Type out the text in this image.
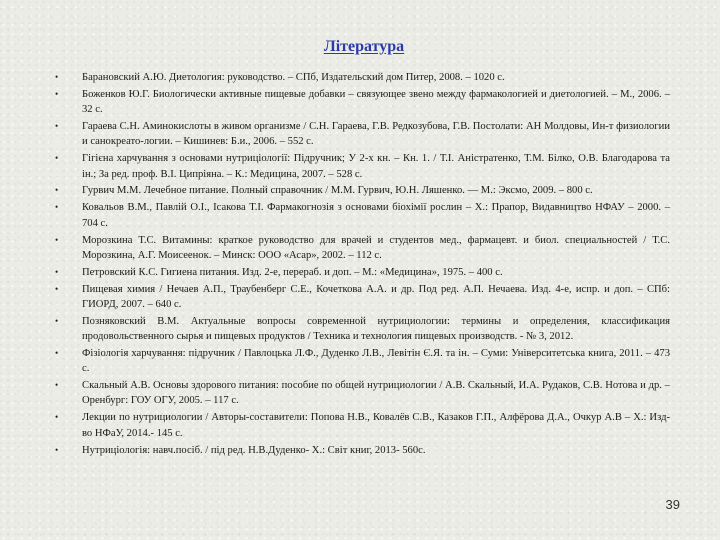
Література
• Барановский А.Ю. Диетология: руководство. – СПб, Издательский дом Питер, 2008. – 1020 с.
• Боженков Ю.Г. Биологически активные пищевые добавки – связующее звено между фармакологией и диетологией. – М., 2006. – 32 с.
• Гараева С.Н. Аминокислоты в живом организме / С.Н. Гараева, Г.В. Редкозубова, Г.В. Постолати: АН Молдовы, Ин-т физиологии и санокреато-логии. – Кишинев: Б.и., 2006. – 552 с.
• Гігієна харчування з основами нутриціології: Підручник; У 2-х кн. – Кн. 1. / Т.І. Аністратенко, Т.М. Білко, О.В. Благодарова та ін.; За ред. проф. В.І. Ципріяна. – К.: Медицина, 2007. – 528 с.
• Гурвич М.М. Лечебное питание. Полный справочник / М.М. Гурвич, Ю.Н. Ляшенко. — М.: Эксмо, 2009. – 800 с.
• Ковальов В.М., Павлій О.І., Ісакова Т.І. Фармакогнозія з основами біохімії рослин – Х.: Прапор, Видавництво НФАУ – 2000. – 704 с.
• Морозкина Т.С. Витамины: краткое руководство для врачей и студентов мед., фармацевт. и биол. специальностей / Т.С. Морозкина, А.Г. Моисеенок. – Минск: ООО «Асар», 2002. – 112 с.
• Петровский К.С. Гигиена питания. Изд. 2-е, перераб. и доп. – М.: «Медицина», 1975. – 400 с.
• Пищевая химия / Нечаев А.П., Траубенберг С.Е., Кочеткова А.А. и др. Под ред. А.П. Нечаева. Изд. 4-е, испр. и доп. – СПб: ГИОРД, 2007. – 640 с.
• Позняковский В.М. Актуальные вопросы современной нутрициологии: термины и определения, классификация продовольственного сырья и пищевых продуктов / Техника и технология пищевых производств. - № 3, 2012.
• Фізіологія харчування: підручник / Павлоцька Л.Ф., Дуденко Л.В., Левітін Є.Я. та ін. – Суми: Університетська книга, 2011. – 473 с.
• Скальный А.В. Основы здорового питания: пособие по общей нутрициологии / А.В. Скальный, И.А. Рудаков, С.В. Нотова и др. – Оренбург: ГОУ ОГУ, 2005. – 117 с.
• Лекции по нутрициологии / Авторы-составители: Попова Н.В., Ковалёв С.В., Казаков Г.П., Алфёрова Д.А., Очкур А.В – Х.: Изд-во НФаУ, 2014.- 145 с.
• Нутриціологія: навч.посіб. / під ред. Н.В.Дуденко- Х.: Світ книг, 2013- 560с.
39
